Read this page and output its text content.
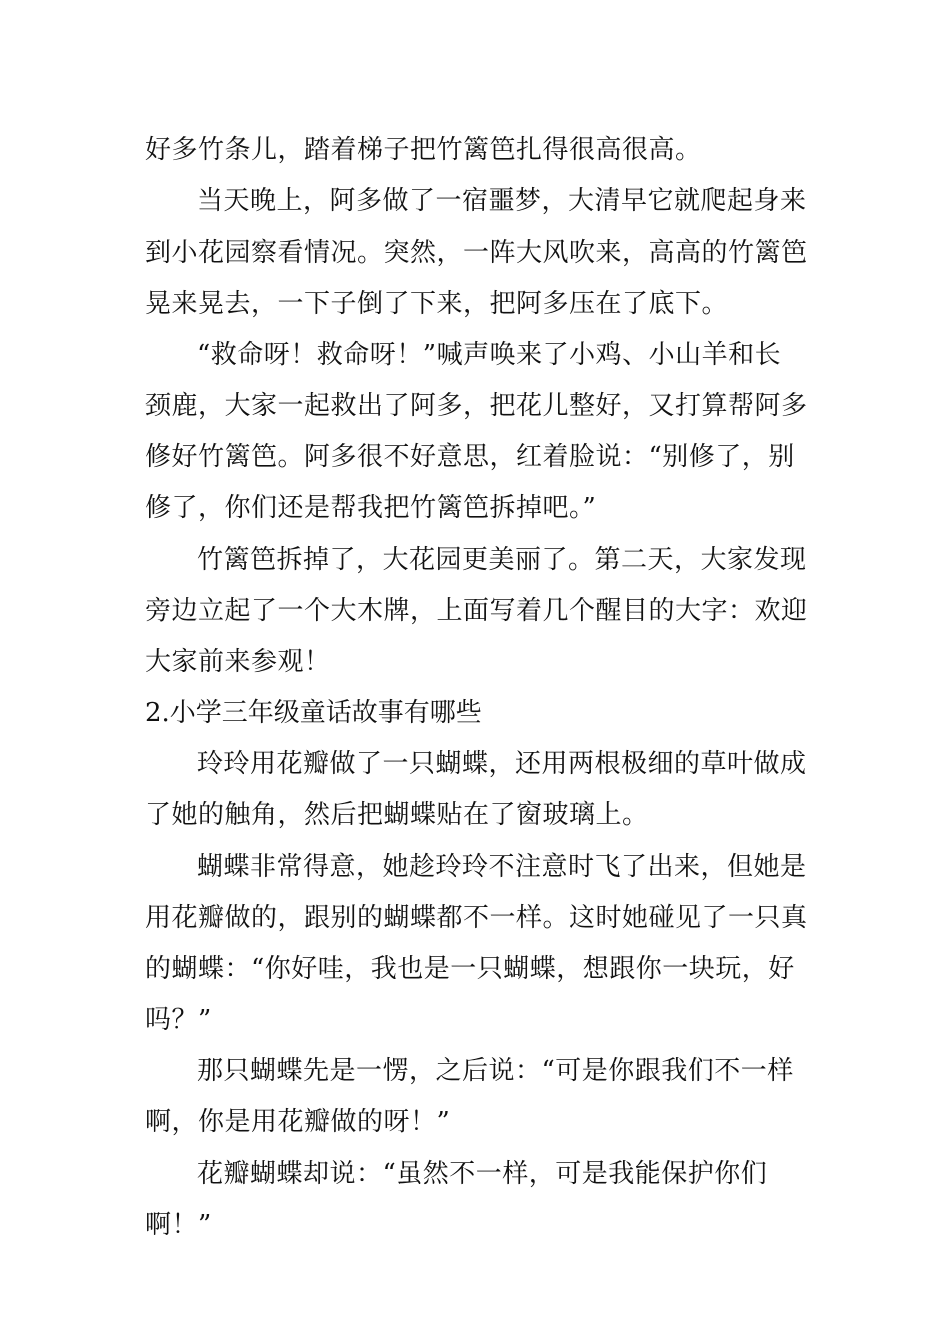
好多竹条儿，踏着梯子把竹篱笆扎得很高很高。
当天晚上，阿多做了一宿噩梦，大清早它就爬起身来
到小花园察看情况。突然，一阵大风吹来，高高的竹篱笆
晃来晃去，一下子倒了下来，把阿多压在了底下。
“救命呀！救命呀！”喊声唤来了小鸡、小山羊和长
颈鹿，大家一起救出了阿多，把花儿整好，又打算帮阿多
修好竹篱笆。阿多很不好意思，红着脸说：“别修了，别
修了，你们还是帮我把竹篱笆拆掉吧。”
竹篱笆拆掉了，大花园更美丽了。第二天，大家发现
旁边立起了一个大木牌，上面写着几个醒目的大字：欢迎
大家前来参观！
2.小学三年级童话故事有哪些
玲玲用花瓣做了一只蝴蝶，还用两根极细的草叶做成
了她的触角，然后把蝴蝶贴在了窗玻璃上。
蝴蝶非常得意，她趁玲玲不注意时飞了出来，但她是
用花瓣做的，跟别的蝴蝶都不一样。这时她碰见了一只真
的蝴蝶：“你好哇，我也是一只蝴蝶，想跟你一块玩，好
吗？”
那只蝴蝶先是一愣，之后说：“可是你跟我们不一样
啊，你是用花瓣做的呀！”
花瓣蝴蝶却说：“虽然不一样，可是我能保护你们
啊！”
